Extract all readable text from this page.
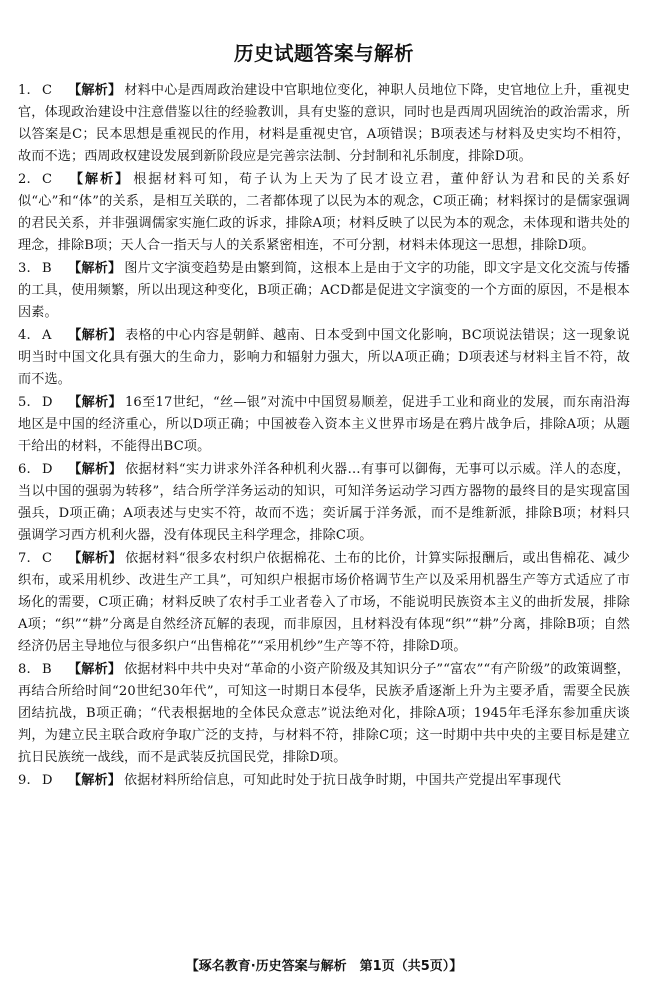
历史试题答案与解析
1. C 【解析】 材料中心是西周政治建设中官职地位变化，神职人员地位下降，史官地位上升，重视史官，体现政治建设中注意借鉴以往的经验教训，具有史鉴的意识，同时也是西周巩固统治的政治需求，所以答案是C；民本思想是重视民的作用，材料是重视史官，A项错误；B项表述与材料及史实均不相符，故而不选；西周政权建设发展到新阶段应是完善宗法制、分封制和礼乐制度，排除D项。
2. C 【解析】 根据材料可知，荀子认为上天为了民才设立君，董仲舒认为君和民的关系好似“心”和“体”的关系，是相互关联的，二者都体现了以民为本的观念，C项正确；材料探讨的是儒家强调的君民关系，并非强调儒家实施仁政的诉求，排除A项；材料反映了以民为本的观念，未体现和谐共处的理念，排除B项；天人合一指天与人的关系紧密相连，不可分割，材料未体现这一思想，排除D项。
3. B 【解析】 图片文字演变趋势是由繁到简，这根本上是由于文字的功能，即文字是文化交流与传播的工具，使用频繁，所以出现这种变化，B项正确；ACD都是促进文字演变的一个方面的原因，不是根本因素。
4. A 【解析】 表格的中心内容是朝鲜、越南、日本受到中国文化影响，BC项说法错误；这一现象说明当时中国文化具有强大的生命力，影响力和辐射力强大，所以A项正确；D项表述与材料主旨不符，故而不选。
5. D 【解析】 16至17世纪，“丝—银”对流中中国贸易顺差，促进手工业和商业的发展，而东南沿海地区是中国的经济重心，所以D项正确；中国被卷入资本主义世界市场是在鸦片战争后，排除A项；从题干给出的材料，不能得出BC项。
6. D 【解析】 依据材料“实力讲求外洋各种机利火器…有事可以御侮，无事可以示威。洋人的态度，当以中国的强弱为转移”，结合所学洋务运动的知识，可知洋务运动学习西方器物的最终目的是实现富国强兵，D项正确；A项表述与史实不符，故而不选；奕䜣属于洋务派，而不是维新派，排除B项；材料只强调学习西方机利火器，没有体现民主科学理念，排除C项。
7. C 【解析】 依据材料“很多农村织户依据棉花、土布的比价，计算实际报酬后，或出售棉花、减少织布，或采用机纱、改进生产工具”，可知织户根据市场价格调节生产以及采用机器生产等方式适应了市场化的需要，C项正确；材料反映了农村手工业者卷入了市场，不能说明民族资本主义的曲折发展，排除A项；“织”“耕”分离是自然经济瓦解的表现，而非原因，且材料没有体现“织”“耕”分离，排除B项；自然经济仍居主导地位与很多织户“出售棉花”“采用机纱”生产等不符，排除D项。
8. B 【解析】 依据材料中共中央对“革命的小资产阶级及其知识分子”“富农”“有产阶级”的政策调整，再结合所给时间“20世纪30年代”，可知这一时期日本侵华，民族矛盾逐渐上升为主要矛盾，需要全民族团结抗战，B项正确；“代表根据地的全体民众意志”说法绝对化，排除A项；1945年毛泽东参加重庆谈判，为建立民主联合政府争取广泛的支持，与材料不符，排除C项；这一时期中共中央的主要目标是建立抗日民族统一战线，而不是武装反抗国民党，排除D项。
9. D 【解析】 依据材料所给信息，可知此时处于抗日战争时期，中国共产党提出军事现代
【琢名教育·历史答案与解析　第1页（共5页）】
